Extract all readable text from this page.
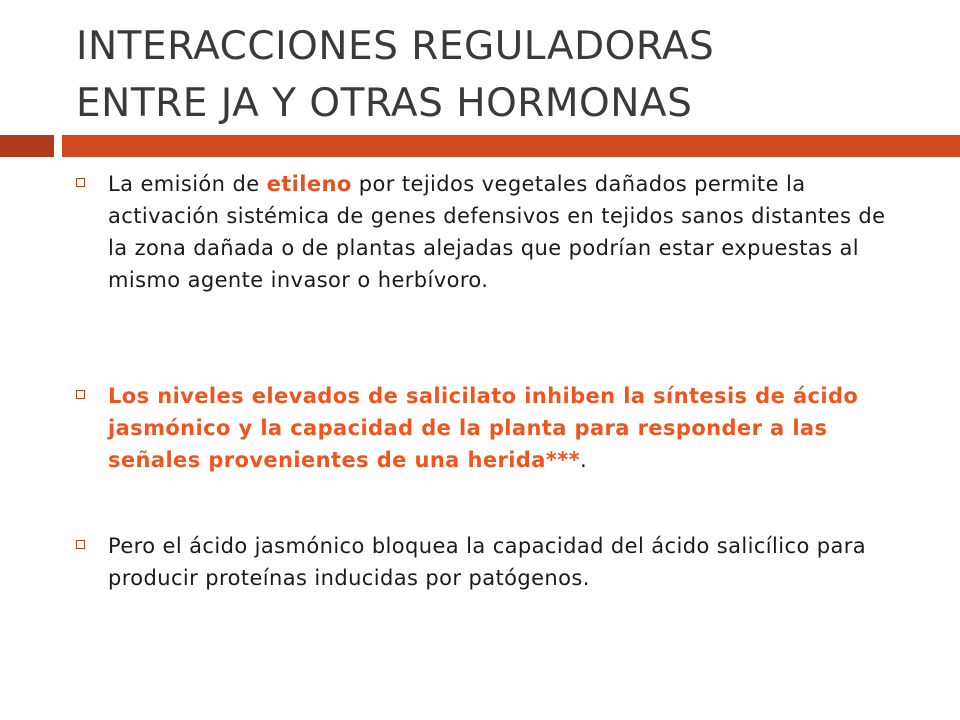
INTERACCIONES REGULADORAS
ENTRE JA Y OTRAS HORMONAS

La emisión de etileno por tejidos vegetales dañados permite la activación sistémica de genes defensivos en tejidos sanos distantes de la zona dañada o de plantas alejadas que podrían estar expuestas al mismo agente invasor o herbívoro.

Los niveles elevados de salicilato inhiben la síntesis de ácido jasmónico y la capacidad de la planta para responder a las señales provenientes de una herida***.

Pero el ácido jasmónico bloquea la capacidad del ácido salicílico para producir proteínas inducidas por patógenos.
